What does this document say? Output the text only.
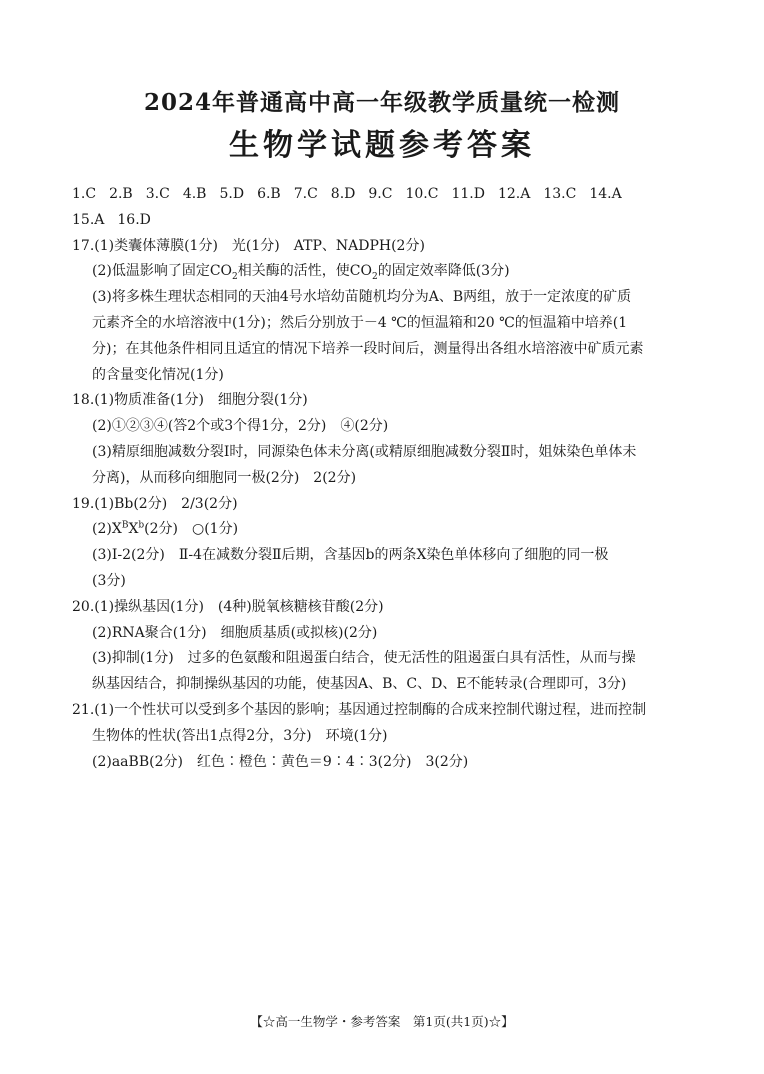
2024年普通高中高一年级教学质量统一检测
生物学试题参考答案
1.C 2.B 3.C 4.B 5.D 6.B 7.C 8.D 9.C 10.C 11.D 12.A 13.C 14.A
15.A 16.D
17.(1)类囊体薄膜(1分)　光(1分)　ATP、NADPH(2分)
(2)低温影响了固定$CO_2$相关酶的活性，使$CO_2$的固定效率降低(3分)
(3)将多株生理状态相同的天油4号水培幼苗随机均分为A、B两组，放于一定浓度的矿质
元素齐全的水培溶液中(1分)；然后分别放于－4 ℃的恒温箱和20 ℃的恒温箱中培养(1
分)；在其他条件相同且适宜的情况下培养一段时间后，测量得出各组水培溶液中矿质元素
的含量变化情况(1分)
18.(1)物质准备(1分)　细胞分裂(1分)
(2)①②③④(答2个或3个得1分，2分)　④(2分)
(3)精原细胞减数分裂Ⅰ时，同源染色体未分离(或精原细胞减数分裂Ⅱ时，姐妹染色单体未
分离)，从而移向细胞同一极(2分)　2(2分)
19.(1)Bb(2分)　2/3(2分)
$(2)X^BX^b(2$分)　○(1分)
(3)Ⅰ-2(2分)　Ⅱ-4在减数分裂Ⅱ后期，含基因b的两条X染色单体移向了细胞的同一极
(3分)
20.(1)操纵基因(1分)　(4种)脱氧核糖核苷酸(2分)
(2)RNA聚合(1分)　细胞质基质(或拟核)(2分)
(3)抑制(1分)　过多的色氨酸和阻遏蛋白结合，使无活性的阻遏蛋白具有活性，从而与操
纵基因结合，抑制操纵基因的功能，使基因A、B、C、D、E不能转录(合理即可，3分)
21.(1)一个性状可以受到多个基因的影响；基因通过控制酶的合成来控制代谢过程，进而控制
生物体的性状(答出1点得2分，3分)　环境(1分)
(2)aaBB(2分)　红色∶橙色∶黄色＝9∶4∶3(2分)　3(2分)
【☆高一生物学・参考答案　第1页(共1页)☆】
